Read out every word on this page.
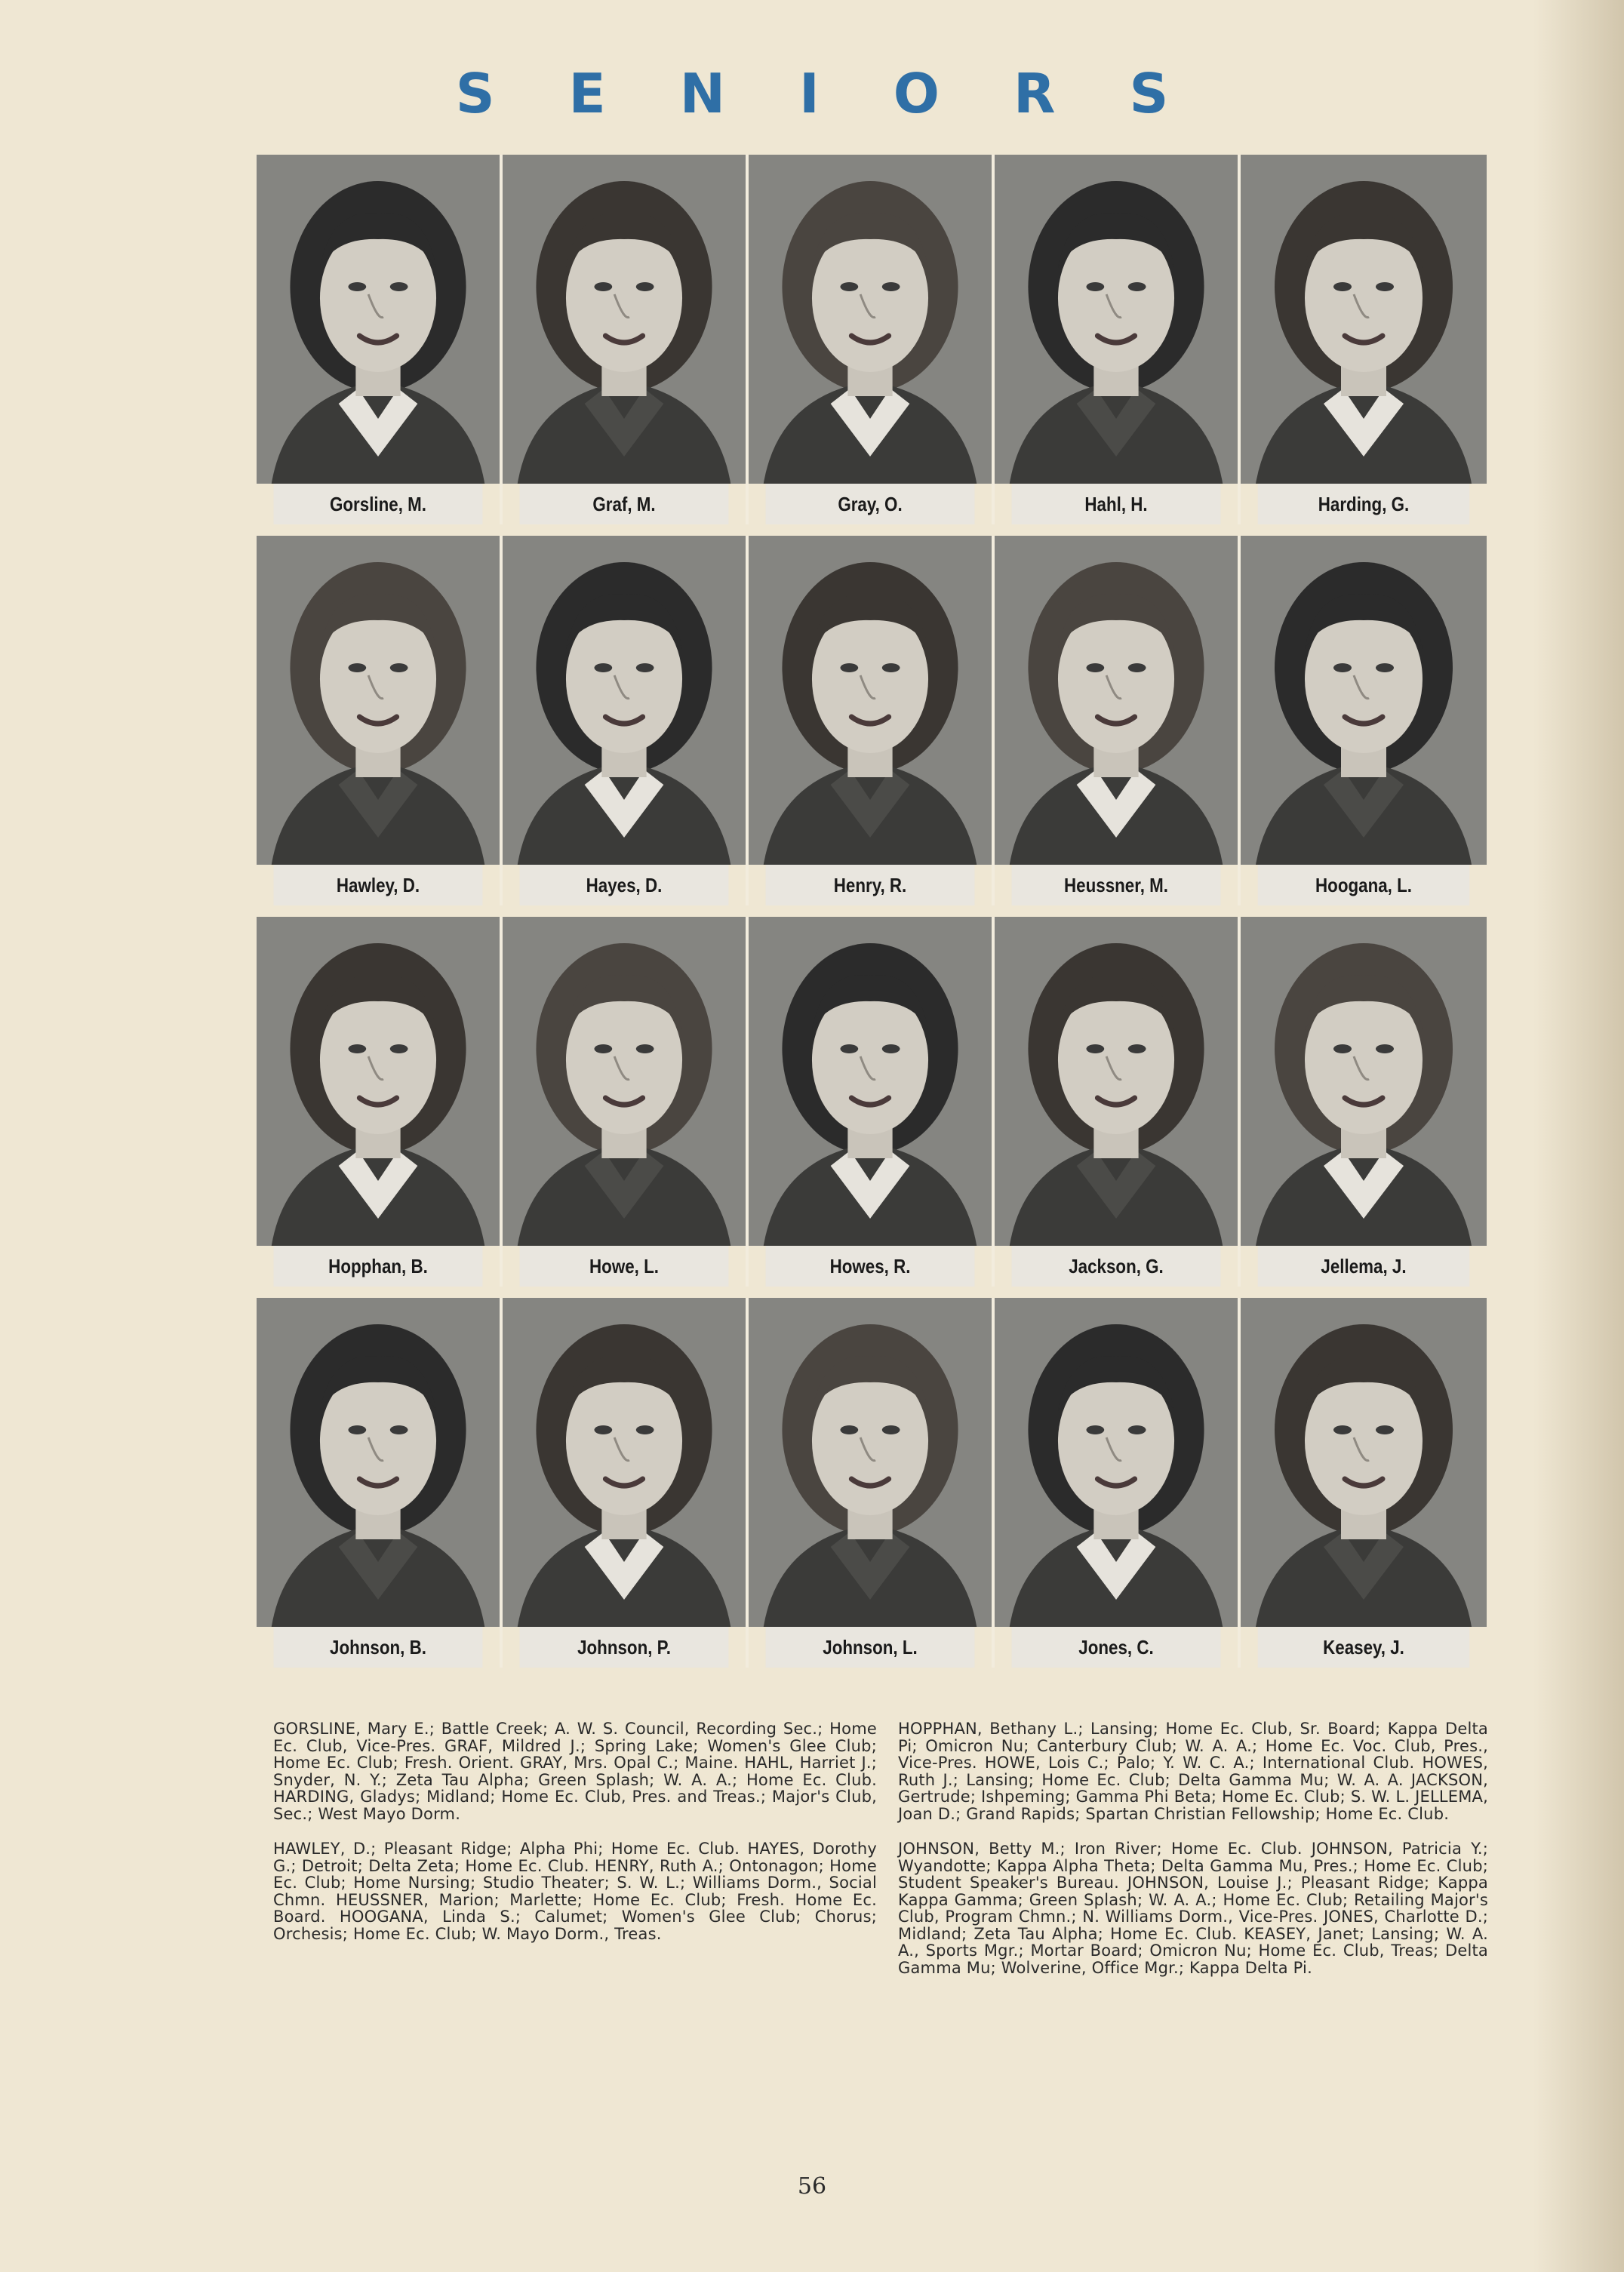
SENIORS
Gorsline, M.	Graf, M.	Gray, O.	Hahl, H.	Harding, G.
Hawley, D.	Hayes, D.	Henry, R.	Heussner, M.	Hoogana, L.
Hopphan, B.	Howe, L.	Howes, R.	Jackson, G.	Jellema, J.
Johnson, B.	Johnson, P.	Johnson, L.	Jones, C.	Keasey, J.

GORSLINE, Mary E.; Battle Creek; A. W. S. Council, Recording Sec.; Home Ec. Club, Vice-Pres. GRAF, Mildred J.; Spring Lake; Women's Glee Club; Home Ec. Club; Fresh. Orient. GRAY, Mrs. Opal C.; Maine. HAHL, Harriet J.; Snyder, N. Y.; Zeta Tau Alpha; Green Splash; W. A. A.; Home Ec. Club. HARDING, Gladys; Midland; Home Ec. Club, Pres. and Treas.; Major's Club, Sec.; West Mayo Dorm.

HAWLEY, D.; Pleasant Ridge; Alpha Phi; Home Ec. Club. HAYES, Dorothy G.; Detroit; Delta Zeta; Home Ec. Club. HENRY, Ruth A.; Ontonagon; Home Ec. Club; Home Nursing; Studio Theater; S. W. L.; Williams Dorm., Social Chmn. HEUSSNER, Marion; Marlette; Home Ec. Club; Fresh. Home Ec. Board. HOOGANA, Linda S.; Calumet; Women's Glee Club; Chorus; Orchesis; Home Ec. Club; W. Mayo Dorm., Treas.

HOPPHAN, Bethany L.; Lansing; Home Ec. Club, Sr. Board; Kappa Delta Pi; Omicron Nu; Canterbury Club; W. A. A.; Home Ec. Voc. Club, Pres., Vice-Pres. HOWE, Lois C.; Palo; Y. W. C. A.; International Club. HOWES, Ruth J.; Lansing; Home Ec. Club; Delta Gamma Mu; W. A. A. JACKSON, Gertrude; Ishpeming; Gamma Phi Beta; Home Ec. Club; S. W. L. JELLEMA, Joan D.; Grand Rapids; Spartan Christian Fellowship; Home Ec. Club.

JOHNSON, Betty M.; Iron River; Home Ec. Club. JOHNSON, Patricia Y.; Wyandotte; Kappa Alpha Theta; Delta Gamma Mu, Pres.; Home Ec. Club; Student Speaker's Bureau. JOHNSON, Louise J.; Pleasant Ridge; Kappa Kappa Gamma; Green Splash; W. A. A.; Home Ec. Club; Retailing Major's Club, Program Chmn.; N. Williams Dorm., Vice-Pres. JONES, Charlotte D.; Midland; Zeta Tau Alpha; Home Ec. Club. KEASEY, Janet; Lansing; W. A. A., Sports Mgr.; Mortar Board; Omicron Nu; Home Ec. Club, Treas; Delta Gamma Mu; Wolverine, Office Mgr.; Kappa Delta Pi.

56
